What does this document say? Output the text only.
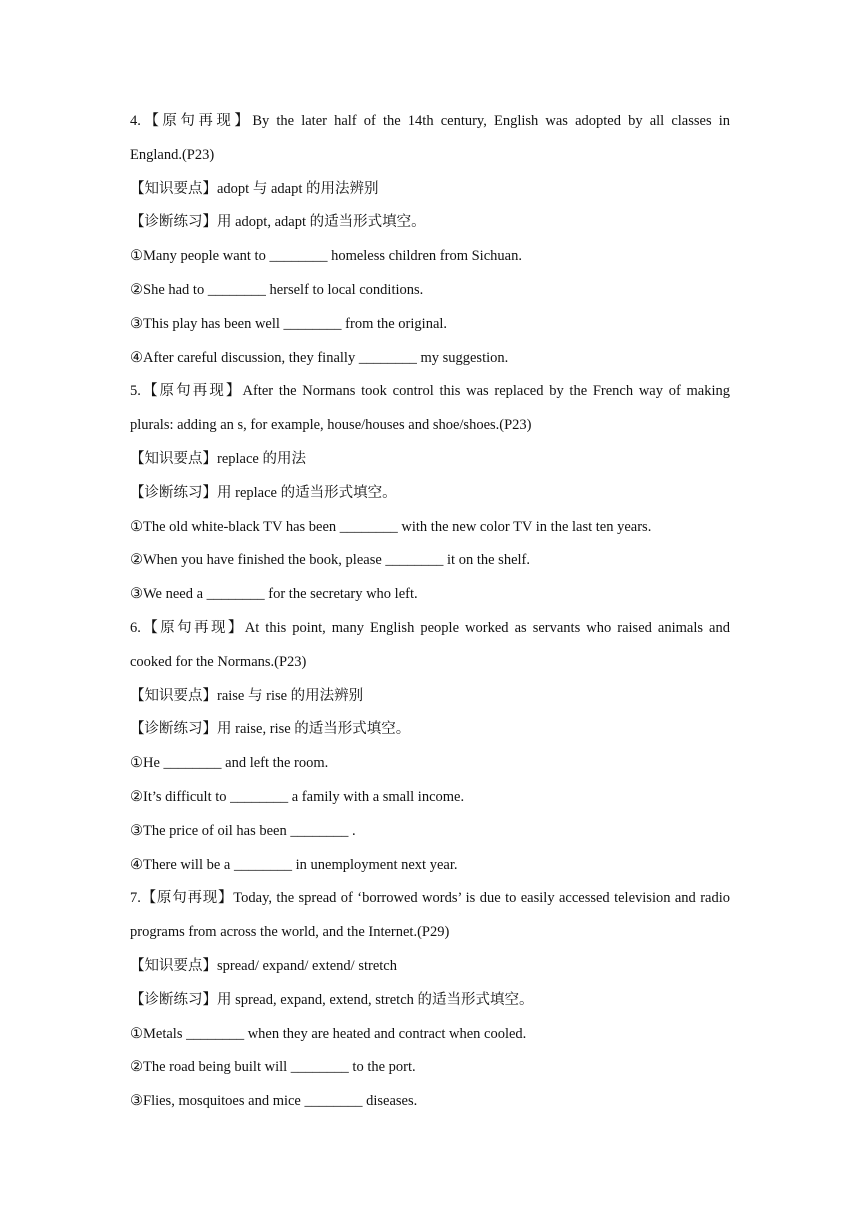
4.【原句再现】By the later half of the 14th century, English was adopted by all classes in
England.(P23)
【知识要点】adopt 与 adapt 的用法辨别
【诊断练习】用 adopt, adapt 的适当形式填空。
①Many people want to ________ homeless children from Sichuan.
②She had to ________ herself to local conditions.
③This play has been well ________ from the original.
④After careful discussion, they finally ________ my suggestion.
5.【原句再现】After the Normans took control this was replaced by the French way of making
plurals: adding an s, for example, house/houses and shoe/shoes.(P23)
【知识要点】replace 的用法
【诊断练习】用 replace 的适当形式填空。
①The old white-black TV has been ________ with the new color TV in the last ten years.
②When you have finished the book, please ________ it on the shelf.
③We need a ________ for the secretary who left.
6.【原句再现】At this point, many English people worked as servants who raised animals and
cooked for the Normans.(P23)
【知识要点】raise 与 rise 的用法辨别
【诊断练习】用 raise, rise 的适当形式填空。
①He ________ and left the room.
②It’s difficult to ________ a family with a small income.
③The price of oil has been ________ .
④There will be a ________ in unemployment next year.
7.【原句再现】Today, the spread of ‘borrowed words’ is due to easily accessed television and radio
programs from across the world, and the Internet.(P29)
【知识要点】spread/ expand/ extend/ stretch
【诊断练习】用 spread, expand, extend, stretch 的适当形式填空。
①Metals ________ when they are heated and contract when cooled.
②The road being built will ________ to the port.
③Flies, mosquitoes and mice ________ diseases.
